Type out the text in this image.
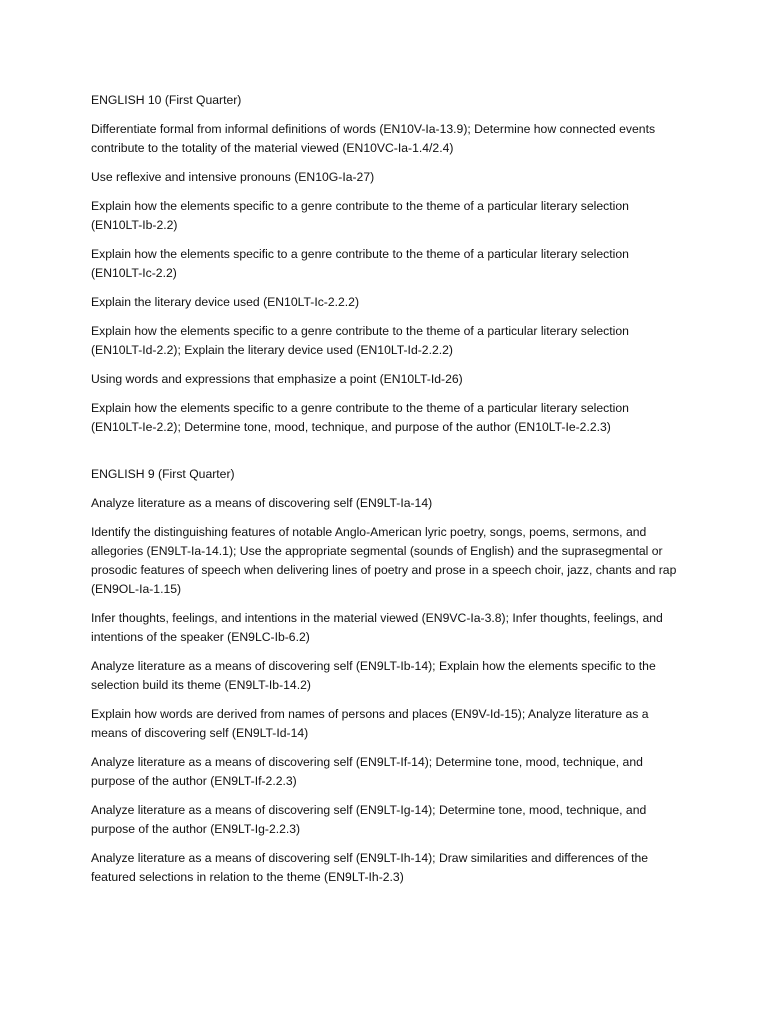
ENGLISH 10 (First Quarter)

Differentiate formal from informal definitions of words (EN10V-Ia-13.9); Determine how connected events contribute to the totality of the material viewed (EN10VC-Ia-1.4/2.4)

Use reflexive and intensive pronouns (EN10G-Ia-27)

Explain how the elements specific to a genre contribute to the theme of a particular literary selection (EN10LT-Ib-2.2)

Explain how the elements specific to a genre contribute to the theme of a particular literary selection (EN10LT-Ic-2.2)

Explain the literary device used (EN10LT-Ic-2.2.2)

Explain how the elements specific to a genre contribute to the theme of a particular literary selection (EN10LT-Id-2.2); Explain the literary device used (EN10LT-Id-2.2.2)

Using words and expressions that emphasize a point (EN10LT-Id-26)

Explain how the elements specific to a genre contribute to the theme of a particular literary selection (EN10LT-Ie-2.2); Determine tone, mood, technique, and purpose of the author (EN10LT-Ie-2.2.3)

ENGLISH 9 (First Quarter)

Analyze literature as a means of discovering self (EN9LT-Ia-14)

Identify the distinguishing features of notable Anglo-American lyric poetry, songs, poems, sermons, and allegories (EN9LT-Ia-14.1); Use the appropriate segmental (sounds of English) and the suprasegmental or prosodic features of speech when delivering lines of poetry and prose in a speech choir, jazz, chants and rap (EN9OL-Ia-1.15)

Infer thoughts, feelings, and intentions in the material viewed (EN9VC-Ia-3.8); Infer thoughts, feelings, and intentions of the speaker (EN9LC-Ib-6.2)

Analyze literature as a means of discovering self (EN9LT-Ib-14); Explain how the elements specific to the selection build its theme (EN9LT-Ib-14.2)

Explain how words are derived from names of persons and places (EN9V-Id-15); Analyze literature as a means of discovering self (EN9LT-Id-14)

Analyze literature as a means of discovering self (EN9LT-If-14); Determine tone, mood, technique, and purpose of the author (EN9LT-If-2.2.3)

Analyze literature as a means of discovering self (EN9LT-Ig-14); Determine tone, mood, technique, and purpose of the author (EN9LT-Ig-2.2.3)

Analyze literature as a means of discovering self (EN9LT-Ih-14); Draw similarities and differences of the featured selections in relation to the theme (EN9LT-Ih-2.3)
